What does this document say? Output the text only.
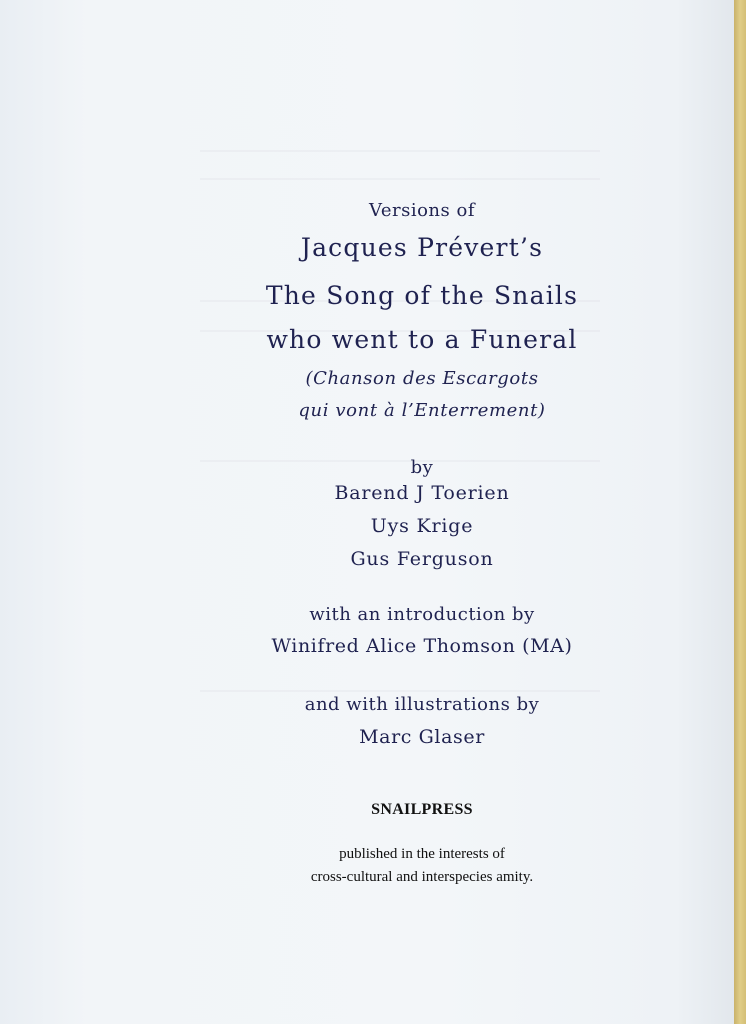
Versions of
Jacques Prévert’s
The Song of the Snails
who went to a Funeral
(Chanson des Escargots
qui vont à l’Enterrement)
by
Barend J Toerien
Uys Krige
Gus Ferguson
with an introduction by
Winifred Alice Thomson (MA)
and with illustrations by
Marc Glaser
SNAILPRESS
published in the interests of
cross-cultural and interspecies amity.
